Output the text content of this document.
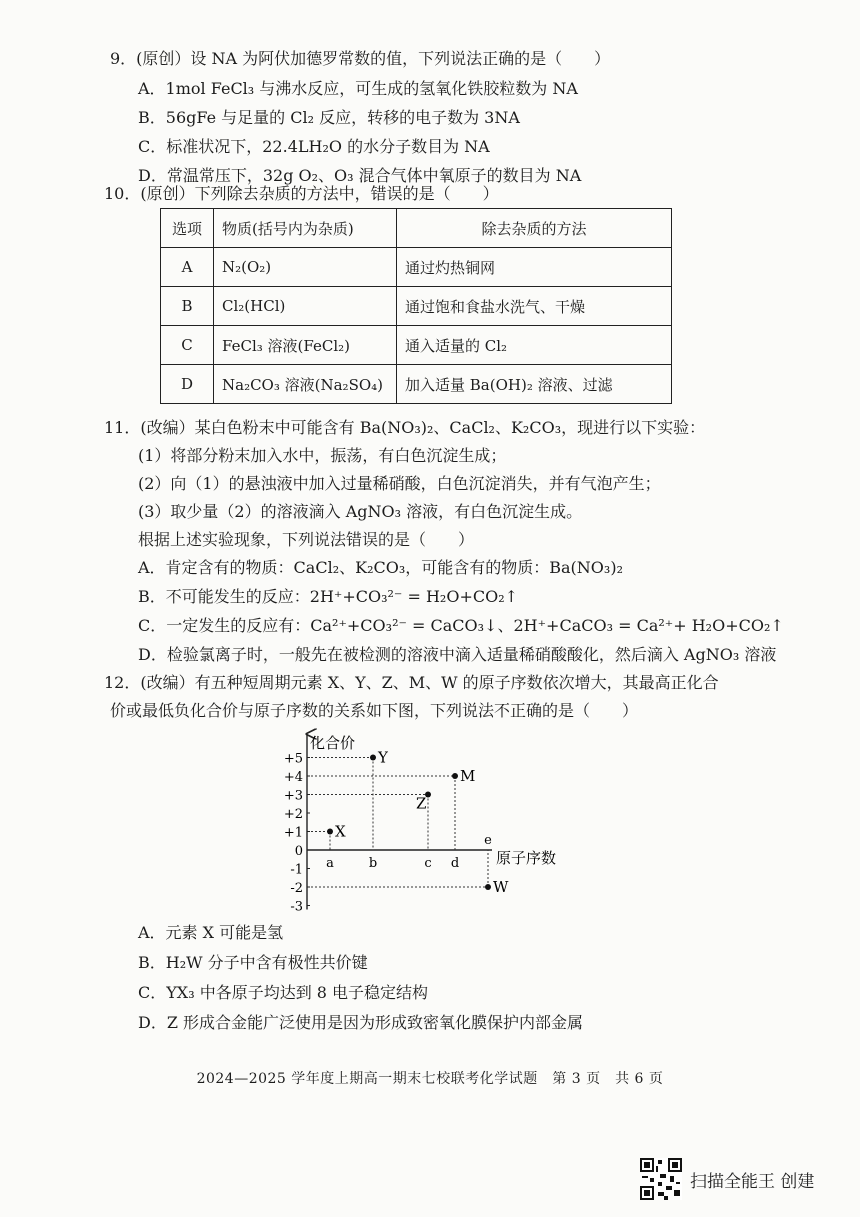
9．(原创）设 NA 为阿伏加德罗常数的值，下列说法正确的是（　　）
A．1mol FeCl₃ 与沸水反应，可生成的氢氧化铁胶粒数为 NA
B．56gFe 与足量的 Cl₂ 反应，转移的电子数为 3NA
C．标准状况下，22.4LH₂O 的水分子数目为 NA
D．常温常压下，32g O₂、O₃ 混合气体中氧原子的数目为 NA
10．(原创）下列除去杂质的方法中，错误的是（　　）
选项	物质(括号内为杂质)	除去杂质的方法
A	N₂(O₂)	通过灼热铜网
B	Cl₂(HCl)	通过饱和食盐水洗气、干燥
C	FeCl₃ 溶液(FeCl₂)	通入适量的 Cl₂
D	Na₂CO₃ 溶液(Na₂SO₄)	加入适量 Ba(OH)₂ 溶液、过滤
11．(改编）某白色粉末中可能含有 Ba(NO₃)₂、CaCl₂、K₂CO₃，现进行以下实验：
(1）将部分粉末加入水中，振荡，有白色沉淀生成；
(2）向（1）的悬浊液中加入过量稀硝酸，白色沉淀消失，并有气泡产生；
(3）取少量（2）的溶液滴入 AgNO₃ 溶液，有白色沉淀生成。
根据上述实验现象，下列说法错误的是（　　）
A．肯定含有的物质：CaCl₂、K₂CO₃，可能含有的物质：Ba(NO₃)₂
B．不可能发生的反应：2H⁺+CO₃²⁻ = H₂O+CO₂↑
C．一定发生的反应有：Ca²⁺+CO₃²⁻ = CaCO₃↓、2H⁺+CaCO₃ = Ca²⁺+ H₂O+CO₂↑
D．检验氯离子时，一般先在被检测的溶液中滴入适量稀硝酸酸化，然后滴入 AgNO₃ 溶液
12．(改编）有五种短周期元素 X、Y、Z、M、W 的原子序数依次增大，其最高正化合
价或最低负化合价与原子序数的关系如下图，下列说法不正确的是（　　）
+5
+4
+3
+2
+1
0
-1
-2
-3
a	b	c d
e
X
Y
Z
M
W
化合价
原子序数
A．元素 X 可能是氢
B．H₂W 分子中含有极性共价键
C．YX₃ 中各原子均达到 8 电子稳定结构
D．Z 形成合金能广泛使用是因为形成致密氧化膜保护内部金属
2024—2025 学年度上期高一期末七校联考化学试题　第 3 页　共 6 页
扫描全能王 创建
